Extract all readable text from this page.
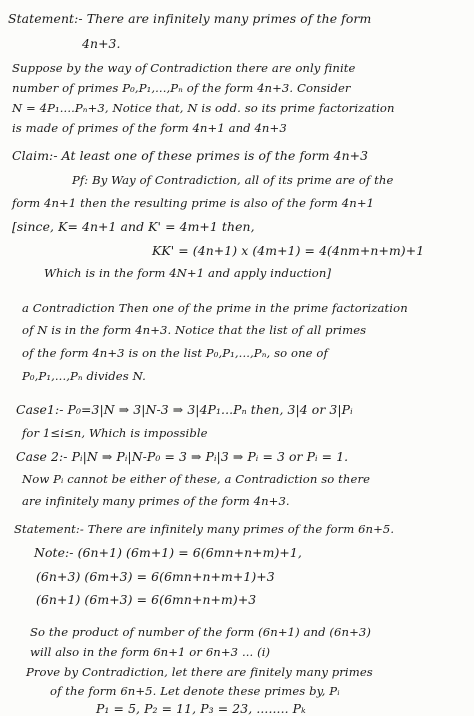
Statement:- There are infinitely many primes of the form
4n+3.
Suppose by the way of Contradiction there are only finite
number of primes P₀,P₁,...,Pₙ of the form 4n+3. Consider
N = 4P₁....Pₙ+3, Notice that, N is odd. so its prime factorization
is made of primes of the form 4n+1 and 4n+3
Claim:- At least one of these primes is of the form 4n+3
Pf: By Way of Contradiction, all of its prime are of the
form 4n+1 then the resulting prime is also of the form 4n+1
[since, K= 4n+1 and K' = 4m+1 then,
KK' = (4n+1) x (4m+1) = 4(4nm+n+m)+1
Which is in the form 4N+1 and apply induction]
a Contradiction Then one of the prime in the prime factorization
of N is in the form 4n+3. Notice that the list of all primes
of the form 4n+3 is on the list P₀,P₁,...,Pₙ, so one of
P₀,P₁,...,Pₙ divides N.
Case1:- P₀=3|N ⇒ 3|N-3 ⇒ 3|4P₁...Pₙ then, 3|4 or 3|Pᵢ
for 1≤i≤n, Which is impossible
Case 2:- Pᵢ|N ⇒ Pᵢ|N-P₀ = 3 ⇒ Pᵢ|3 ⇒ Pᵢ = 3 or Pᵢ = 1.
Now Pᵢ cannot be either of these, a Contradiction so there
are infinitely many primes of the form 4n+3.
Statement:- There are infinitely many primes of the form 6n+5.
Note:- (6n+1) (6m+1) = 6(6mn+n+m)+1,
(6n+3) (6m+3) = 6(6mn+n+m+1)+3
(6n+1) (6m+3) = 6(6mn+n+m)+3
So the product of number of the form (6n+1) and (6n+3)
will also in the form 6n+1 or 6n+3 ... (i)
Prove by Contradiction, let there are finitely many primes
of the form 6n+5. Let denote these primes by, Pᵢ
P₁ = 5, P₂ = 11, P₃ = 23, ........ Pₖ
